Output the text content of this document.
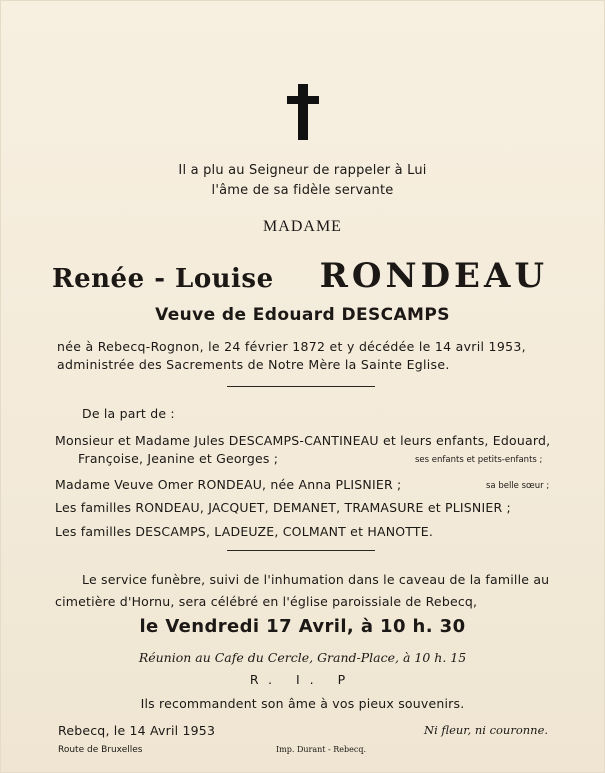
Il a plu au Seigneur de rappeler à Lui
l'âme de sa fidèle servante
MADAME
Renée - Louise RONDEAU
Veuve de Edouard DESCAMPS
née à Rebecq-Rognon, le 24 février 1872 et y décédée le 14 avril 1953,
administrée des Sacrements de Notre Mère la Sainte Eglise.
De la part de :
Monsieur et Madame Jules DESCAMPS-CANTINEAU et leurs enfants, Edouard,
Françoise, Jeanine et Georges ;	ses enfants et petits-enfants ;
Madame Veuve Omer RONDEAU, née Anna PLISNIER ;	sa belle sœur ;
Les familles RONDEAU, JACQUET, DEMANET, TRAMASURE et PLISNIER ;
Les familles DESCAMPS, LADEUZE, COLMANT et HANOTTE.
Le service funèbre, suivi de l'inhumation dans le caveau de la famille au
cimetière d'Hornu, sera célébré en l'église paroissiale de Rebecq,
le Vendredi 17 Avril, à 10 h. 30
Réunion au Cafe du Cercle, Grand-Place, à 10 h. 15
R. I. P
Ils recommandent son âme à vos pieux souvenirs.
Rebecq, le 14 Avril 1953	Ni fleur, ni couronne.
Route de Bruxelles	Imp. Durant - Rebecq.
